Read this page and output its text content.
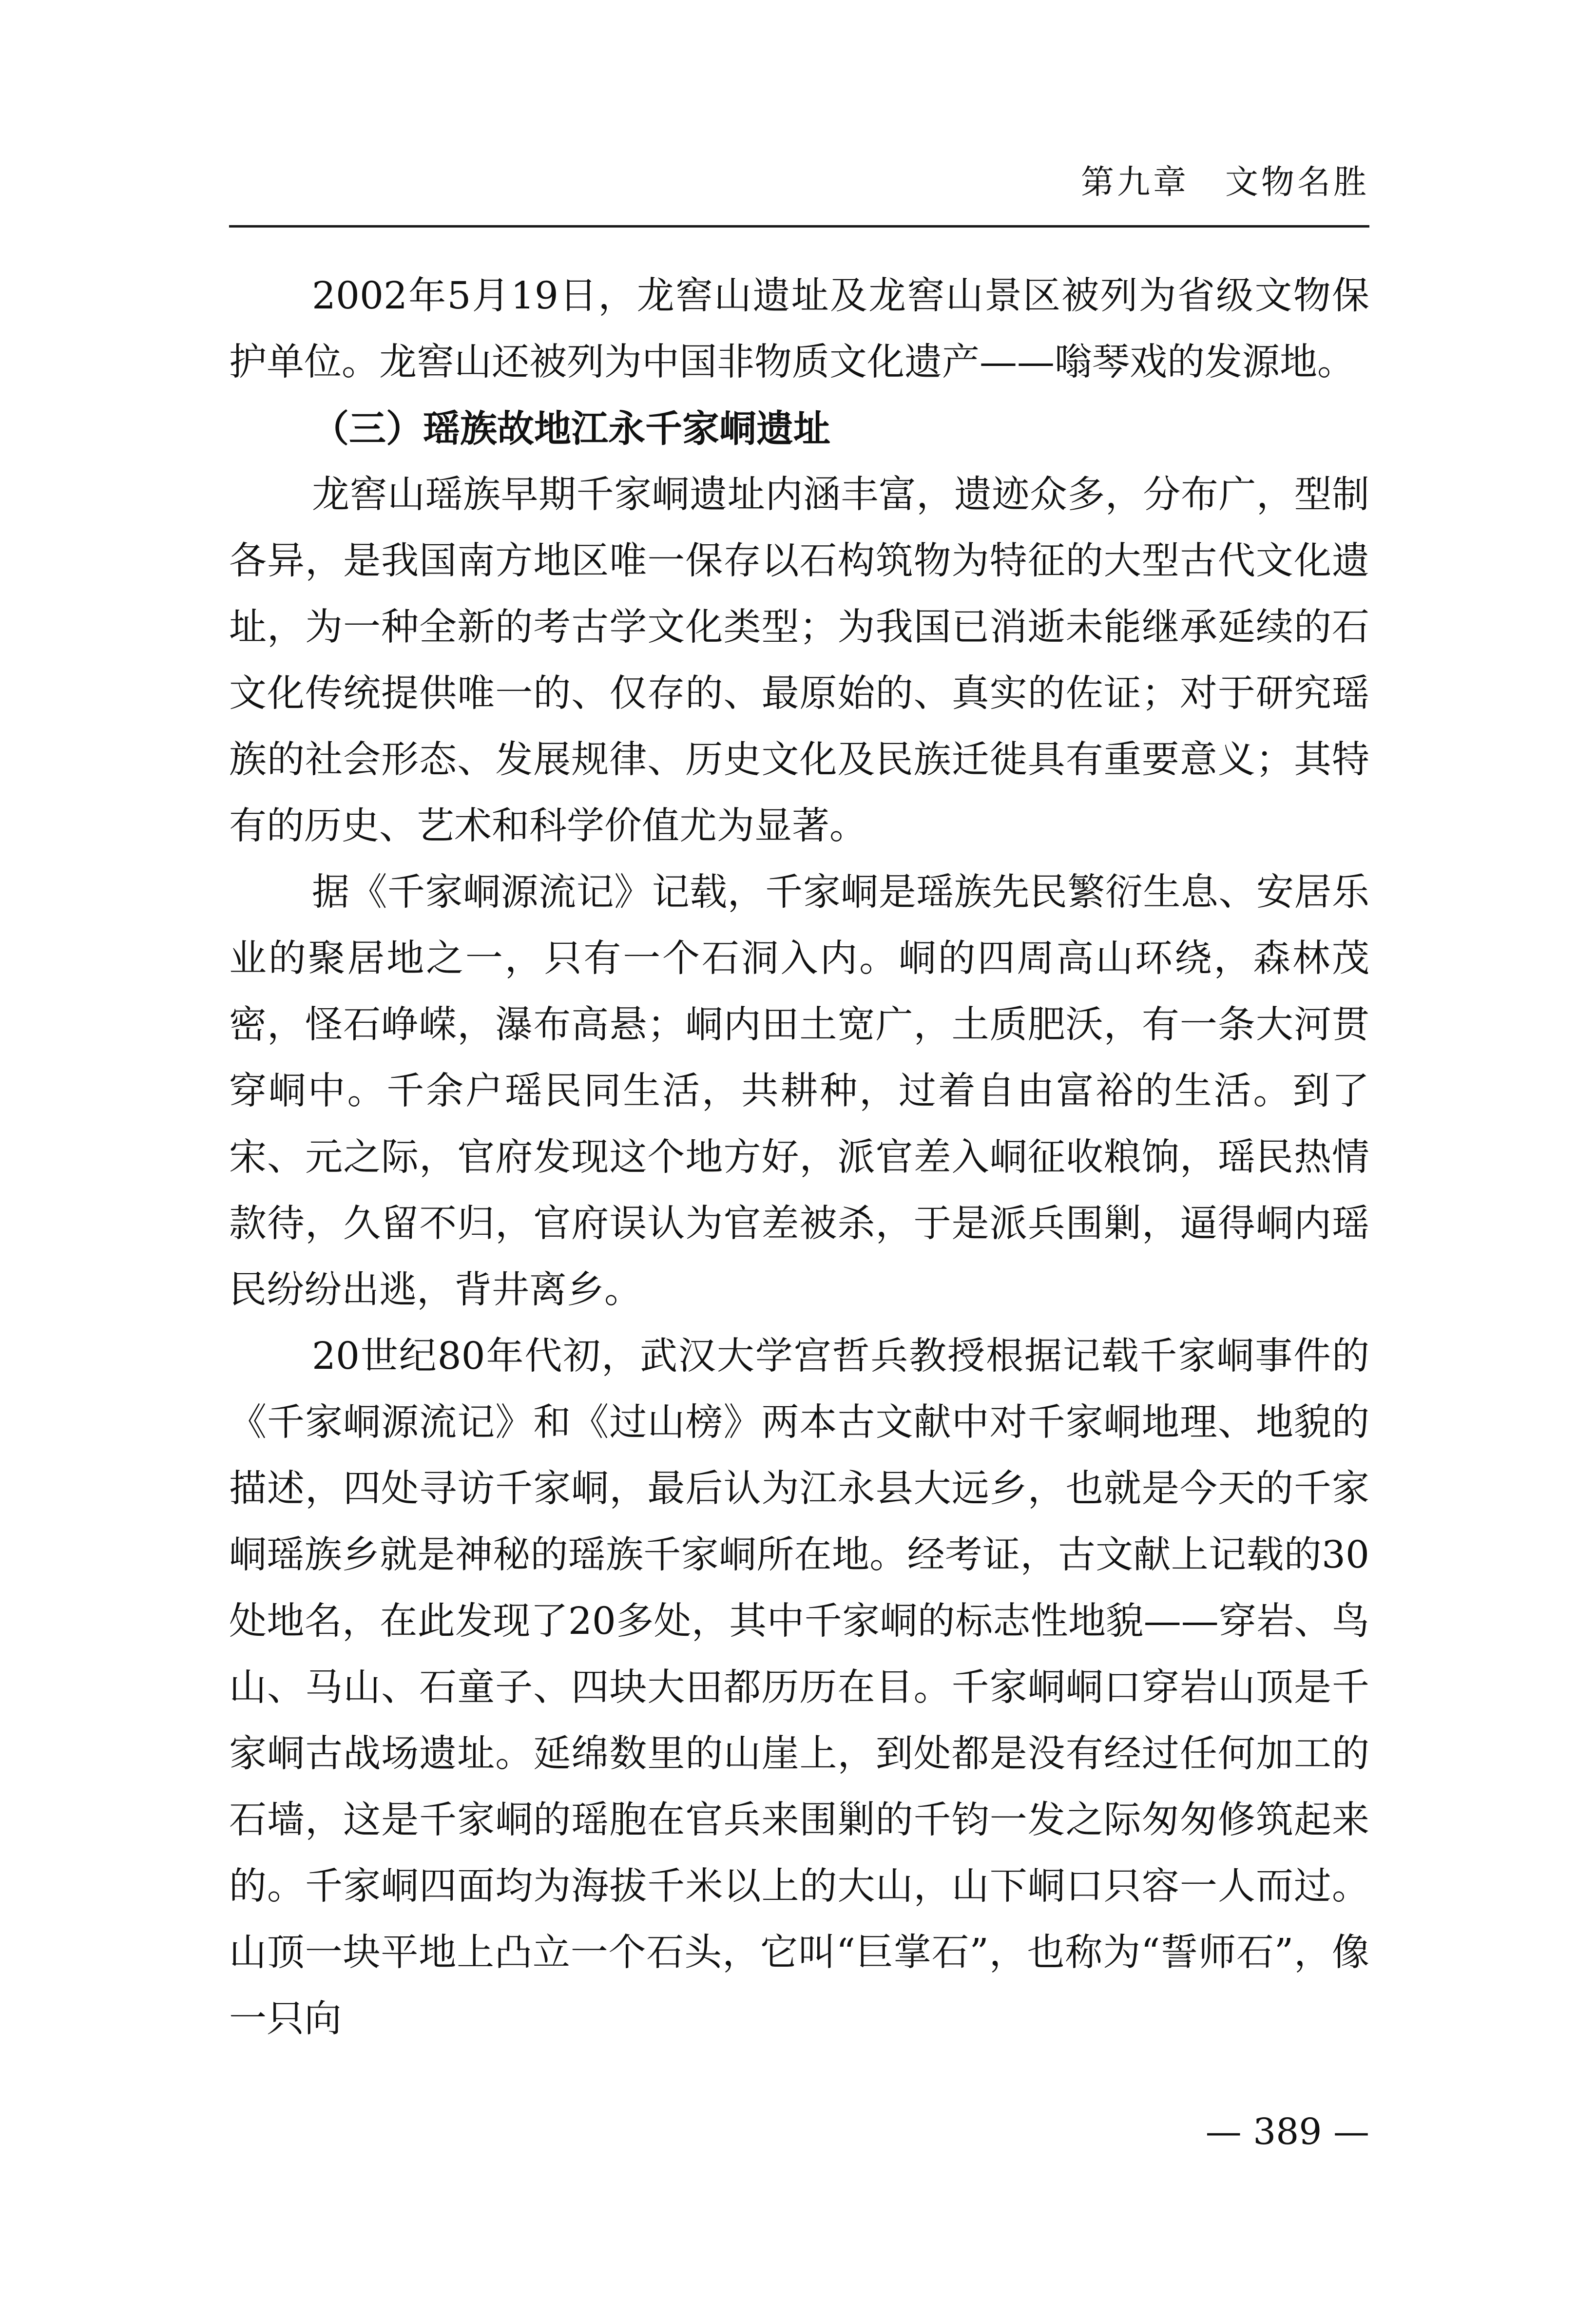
第九章　文物名胜

2002年5月19日，龙窖山遗址及龙窖山景区被列为省级文物保护单位。龙窖山还被列为中国非物质文化遗产——嗡琴戏的发源地。

（三）瑶族故地江永千家峒遗址

龙窖山瑶族早期千家峒遗址内涵丰富，遗迹众多，分布广，型制各异，是我国南方地区唯一保存以石构筑物为特征的大型古代文化遗址，为一种全新的考古学文化类型；为我国已消逝未能继承延续的石文化传统提供唯一的、仅存的、最原始的、真实的佐证；对于研究瑶族的社会形态、发展规律、历史文化及民族迁徙具有重要意义；其特有的历史、艺术和科学价值尤为显著。

据《千家峒源流记》记载，千家峒是瑶族先民繁衍生息、安居乐业的聚居地之一，只有一个石洞入内。峒的四周高山环绕，森林茂密，怪石峥嵘，瀑布高悬；峒内田土宽广，土质肥沃，有一条大河贯穿峒中。千余户瑶民同生活，共耕种，过着自由富裕的生活。到了宋、元之际，官府发现这个地方好，派官差入峒征收粮饷，瑶民热情款待，久留不归，官府误认为官差被杀，于是派兵围剿，逼得峒内瑶民纷纷出逃，背井离乡。

20世纪80年代初，武汉大学宫哲兵教授根据记载千家峒事件的《千家峒源流记》和《过山榜》两本古文献中对千家峒地理、地貌的描述，四处寻访千家峒，最后认为江永县大远乡，也就是今天的千家峒瑶族乡就是神秘的瑶族千家峒所在地。经考证，古文献上记载的30处地名，在此发现了20多处，其中千家峒的标志性地貌——穿岩、鸟山、马山、石童子、四块大田都历历在目。千家峒峒口穿岩山顶是千家峒古战场遗址。延绵数里的山崖上，到处都是没有经过任何加工的石墙，这是千家峒的瑶胞在官兵来围剿的千钧一发之际匆匆修筑起来的。千家峒四面均为海拔千米以上的大山，山下峒口只容一人而过。山顶一块平地上凸立一个石头，它叫“巨掌石”，也称为“誓师石”，像一只向

— 389 —
